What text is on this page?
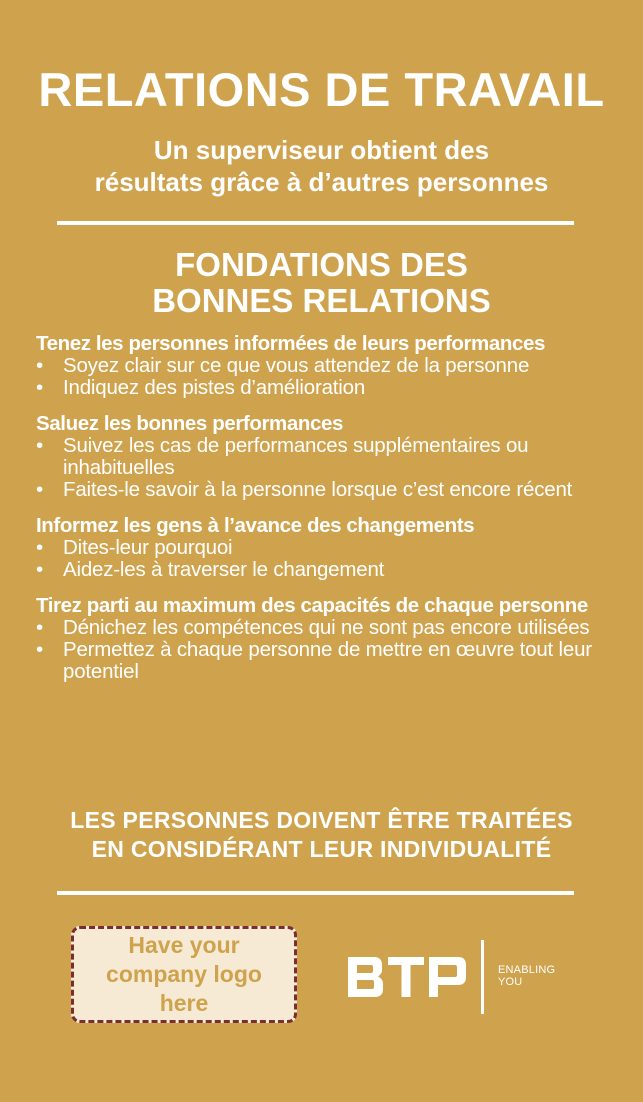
RELATIONS DE TRAVAIL

Un superviseur obtient des
résultats grâce à d’autres personnes

FONDATIONS DES
BONNES RELATIONS

Tenez les personnes informées de leurs performances

• Soyez clair sur ce que vous attendez de la personne
• Indiquez des pistes d’amélioration

Saluez les bonnes performances

• Suivez les cas de performances supplémentaires ou inhabituelles
• Faites-le savoir à la personne lorsque c’est encore récent

Informez les gens à l’avance des changements

• Dites-leur pourquoi
• Aidez-les à traverser le changement

Tirez parti au maximum des capacités de chaque personne

• Dénichez les compétences qui ne sont pas encore utilisées
• Permettez à chaque personne de mettre en œuvre tout leur potentiel

LES PERSONNES DOIVENT ÊTRE TRAITÉES
EN CONSIDÉRANT LEUR INDIVIDUALITÉ

Have your
company logo
here
ENABLING
YOU
